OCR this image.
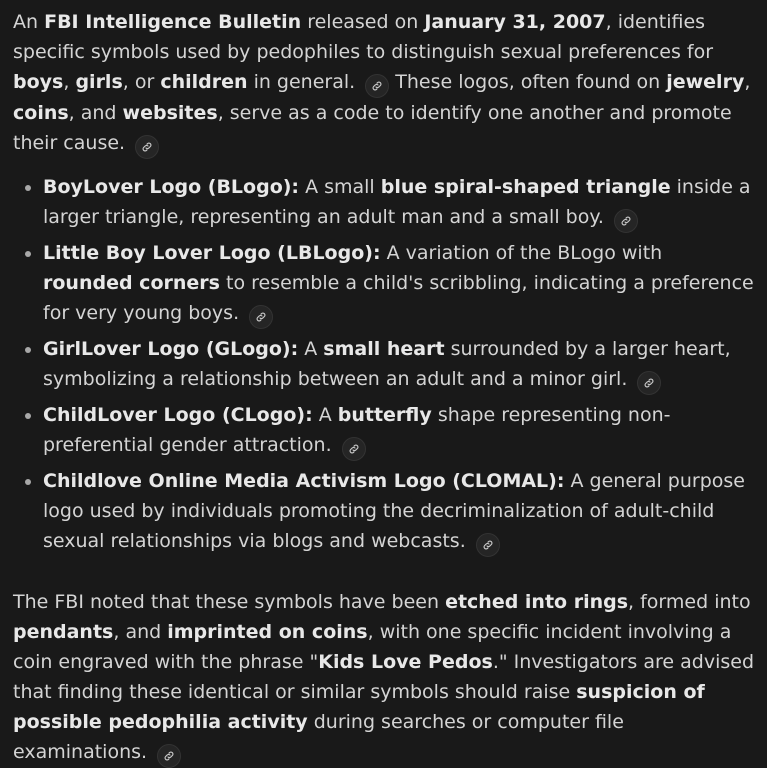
An FBI Intelligence Bulletin released on January 31, 2007, identifies specific symbols used by pedophiles to distinguish sexual preferences for boys, girls, or children in general.
These logos, often found on jewelry, coins, and websites, serve as a code to identify one another and promote their cause.

• BoyLover Logo (BLogo): A small blue spiral-shaped triangle inside a larger triangle, representing an adult man and a small boy.
• Little Boy Lover Logo (LBLogo): A variation of the BLogo with rounded corners to resemble a child's scribbling, indicating a preference for very young boys.
• GirlLover Logo (GLogo): A small heart surrounded by a larger heart, symbolizing a relationship between an adult and a minor girl.
• ChildLover Logo (CLogo): A butterfly shape representing non-preferential gender attraction.
• Childlove Online Media Activism Logo (CLOMAL): A general purpose logo used by individuals promoting the decriminalization of adult-child sexual relationships via blogs and webcasts.

The FBI noted that these symbols have been etched into rings, formed into pendants, and imprinted on coins, with one specific incident involving a coin engraved with the phrase "Kids Love Pedos." Investigators are advised that finding these identical or similar symbols should raise suspicion of possible pedophilia activity during searches or computer file examinations.
